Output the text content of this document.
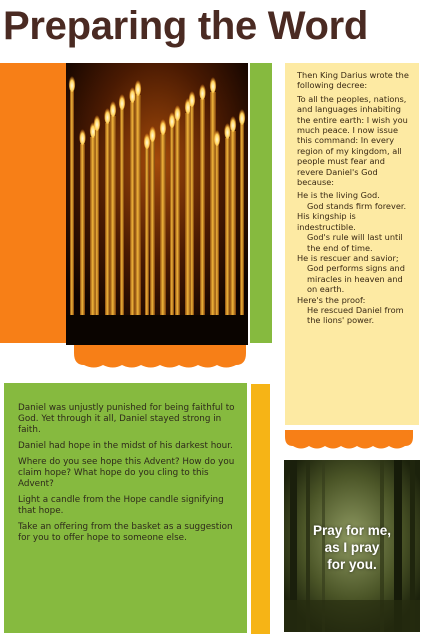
Preparing the Word

Then King Darius wrote the following decree:

To all the peoples, nations, and languages inhabiting the entire earth: I wish you much peace. I now issue this command: In every region of my kingdom, all people must fear and revere Daniel's God because:

He is the living God.
God stands firm forever.
His kingship is indestructible.
God's rule will last until the end of time.
He is rescuer and savior;
God performs signs and miracles in heaven and on earth.
Here's the proof:
He rescued Daniel from the lions' power.

Daniel was unjustly punished for being faithful to God. Yet through it all, Daniel stayed strong in faith.

Daniel had hope in the midst of his darkest hour.

Where do you see hope this Advent? How do you claim hope? What hope do you cling to this Advent?

Light a candle from the Hope candle signifying that hope.

Take an offering from the basket as a suggestion for you to offer hope to someone else.	Pray for me,
as I pray
for you.
